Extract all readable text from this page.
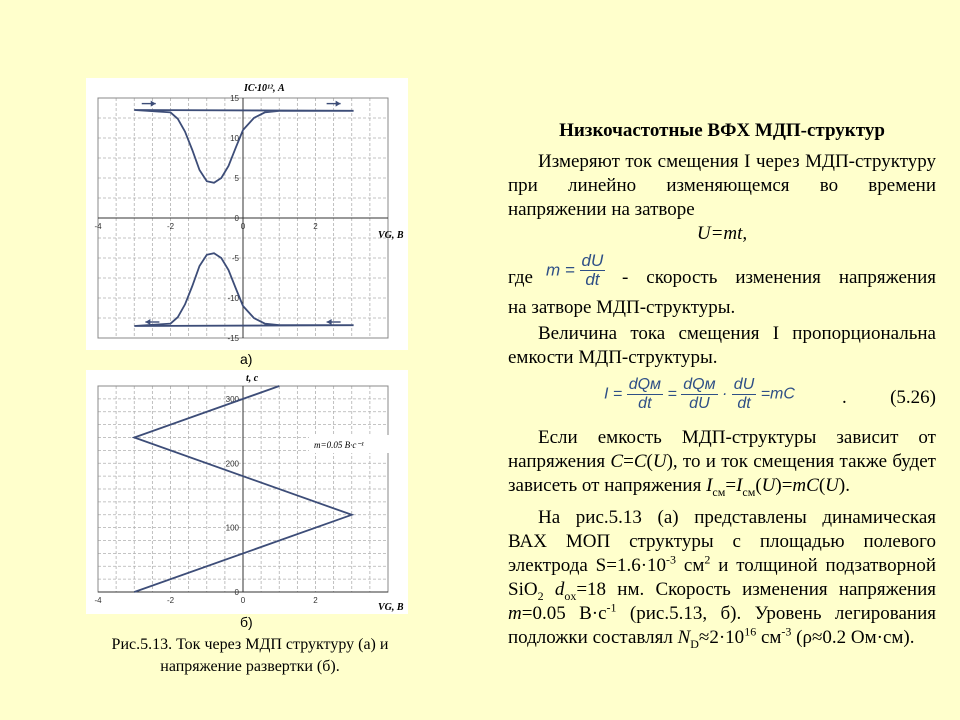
-4	-2	0	2
15
10
5
0
-5
-10
-15
IC·10¹², А
VG, В
а)
-4	-2	0	2
300
200
100
0
m=0.05 В·с⁻¹
t, c
VG, В
б)
Рис.5.13. Ток через МДП структуру (а) и
напряжение развертки (б).
Низкочастотные ВФХ МДП-структур

Измеряют ток смещения I через МДП-структуру при линейно изменяющемся во времени напряжении на затворе

U=mt,

где $m = \frac{dU}{dt}$ - скорость изменения напряжения

на затворе МДП-структуры.

Величина тока смещения I пропорциональна емкости МДП-структуры.

$I = \frac{\text{dQм}}{dt} = \frac{\text{dQм}}{dU} \cdot \frac{dU}{dt} =mC$ . (5.26)

Если емкость МДП-структуры зависит от напряжения C=C(U), то и ток смещения также будет зависеть от напряжения $I_{см}=I_{см}(U)=mC(U)$.

На рис.5.13 (а) представлены динамическая ВАХ МОП структуры с площадью полевого электрода $S=1.6\cdot 10^{-3}$ $см^2$ и толщиной подзатворной SiO$_2$ $d_{ox}=18$ нм. Скорость изменения напряжения m=0.05 $В\cdot с^{-1}$ (рис.5.13, б). Уровень легирования подложки составлял $N_D\approx 2\cdot 10^{16}$ $см^{-3}$ (ρ≈0.2 Ом·см).
